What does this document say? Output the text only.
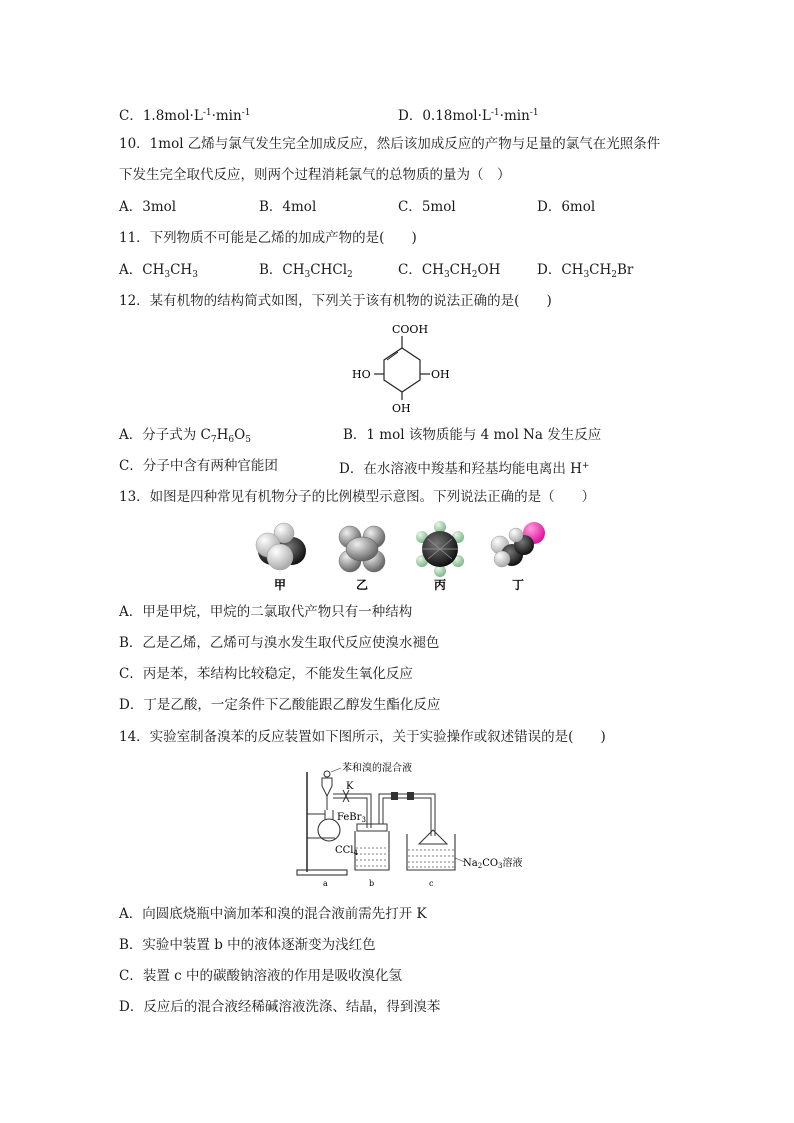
C．$1.8mol\cdot L^{-1}\cdot\min^{-1}$	D．$0.18mol\cdot L^{-1}\cdot\min^{-1}$
10．1mol 乙烯与氯气发生完全加成反应，然后该加成反应的产物与足量的氯气在光照条件
下发生完全取代反应，则两个过程消耗氯气的总物质的量为（　）
A．3mol	B．4mol	C．5mol	D．6mol
11．下列物质不可能是乙烯的加成产物的是(　　)
A．$CH_3CH_3$	B．$CH_3CHCl_2$	C．$CH_3CH_2OH$	D．$CH_3CH_2Br$
12．某有机物的结构简式如图，下列关于该有机物的说法正确的是(　　)
COOH
HO	OH
OH
A．分子式为 $C_7H_6O_5$	B．1 mol 该物质能与 4 mol Na 发生反应
C．分子中含有两种官能团	D．在水溶液中羧基和羟基均能电离出 H+
13．如图是四种常见有机物分子的比例模型示意图。下列说法正确的是（　　）
甲	乙	丙	丁
A．甲是甲烷，甲烷的二氯取代产物只有一种结构
B．乙是乙烯，乙烯可与溴水发生取代反应使溴水褪色
C．丙是苯，苯结构比较稳定，不能发生氧化反应
D．丁是乙酸，一定条件下乙酸能跟乙醇发生酯化反应
14．实验室制备溴苯的反应装置如下图所示，关于实验操作或叙述错误的是(　　)
苯和溴的混合液
K
FeBr$_3$
CCl$_4$
$Na_2CO_3$溶液
a	b	c
A．向圆底烧瓶中滴加苯和溴的混合液前需先打开 K
B．实验中装置 b 中的液体逐渐变为浅红色
C．装置 c 中的碳酸钠溶液的作用是吸收溴化氢
D．反应后的混合液经稀碱溶液洗涤、结晶，得到溴苯
